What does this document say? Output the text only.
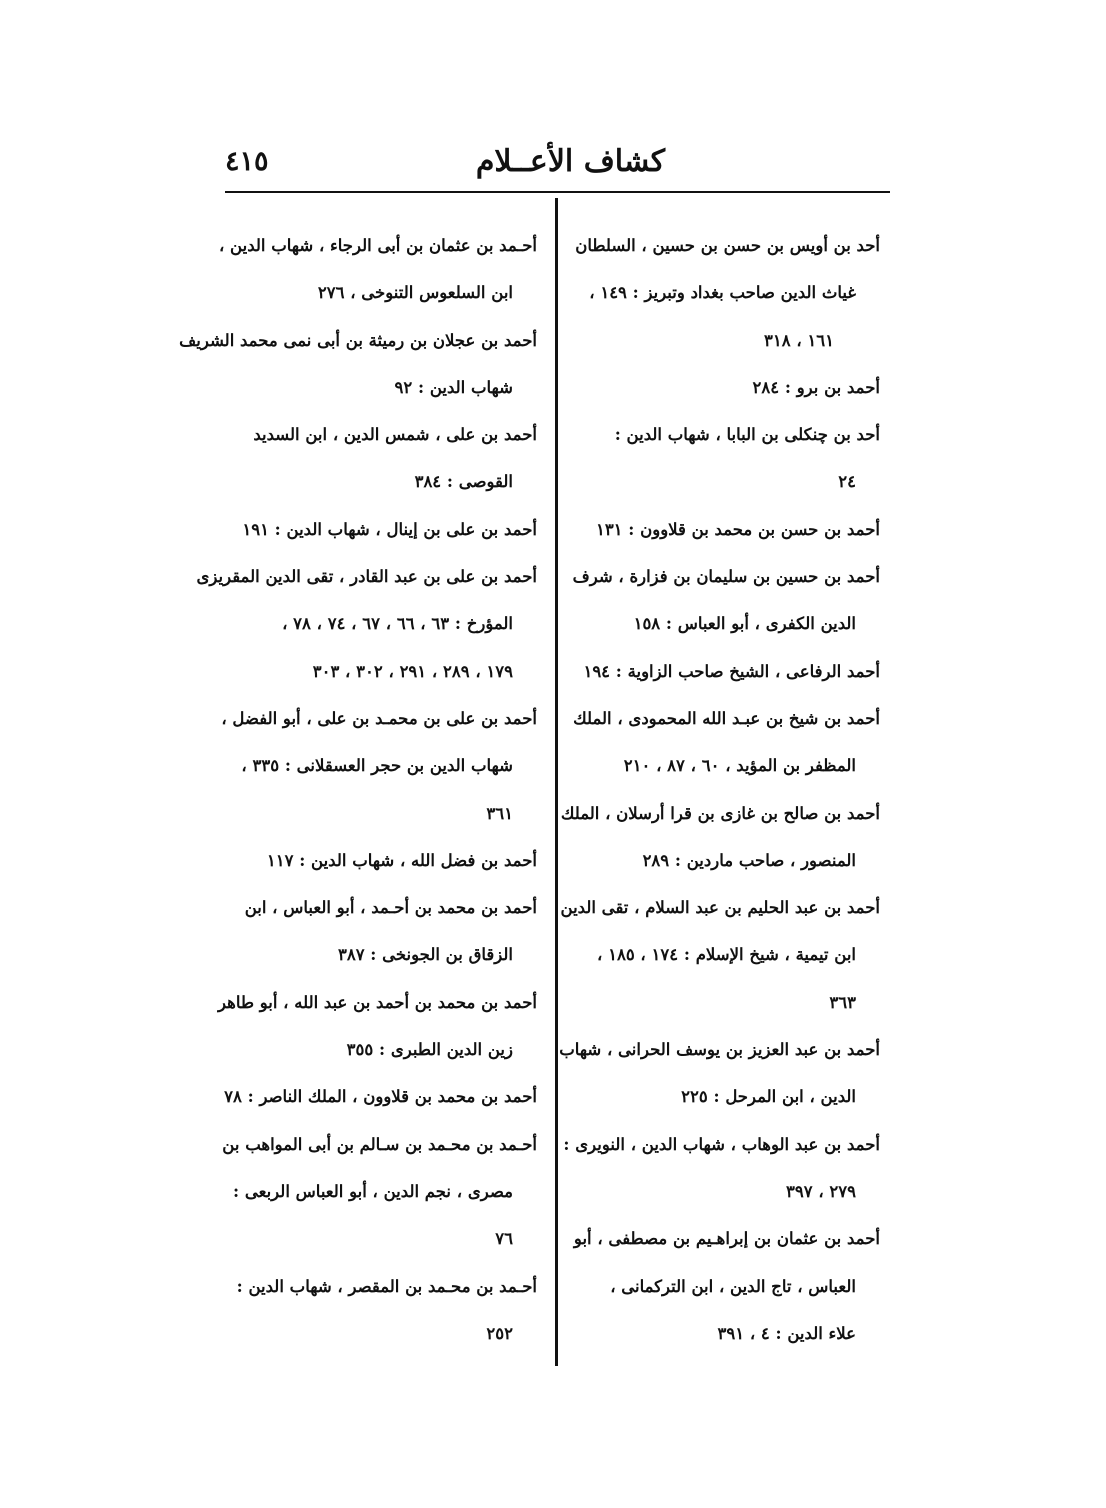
كشاف الأعــلام
٤١٥
أحد بن أويس بن حسن بن حسين ، السلطان
غياث الدين صاحب بغداد وتبريز : ١٤٩ ،
١٦١ ، ٣١٨
أحمد بن برو : ٢٨٤
أحد بن چنكلى بن البابا ، شهاب الدين :
٢٤
أحمد بن حسن بن محمد بن قلاوون : ١٣١
أحمد بن حسين بن سليمان بن فزارة ، شرف
الدين الكفرى ، أبو العباس : ١٥٨
أحمد الرفاعى ، الشيخ صاحب الزاوية : ١٩٤
أحمد بن شيخ بن عبـد الله المحمودى ، الملك
المظفر بن المؤيد ، ٦٠ ، ٨٧ ، ٢١٠
أحمد بن صالح بن غازى بن قرا أرسلان ، الملك
المنصور ، صاحب ماردين : ٢٨٩
أحمد بن عبد الحليم بن عبد السلام ، تقى الدين
ابن تيمية ، شيخ الإسلام : ١٧٤ ، ١٨٥ ،
٣٦٣
أحمد بن عبد العزيز بن يوسف الحرانى ، شهاب
الدين ، ابن المرحل : ٢٢٥
أحمد بن عبد الوهاب ، شهاب الدين ، النويرى :
٢٧٩ ، ٣٩٧
أحمد بن عثمان بن إبراهـيم بن مصطفى ، أبو
العباس ، تاج الدين ، ابن التركمانى ،
علاء الدين : ٤ ، ٣٩١
أحـمد بن عثمان بن أبى الرجاء ، شهاب الدين ،
ابن السلعوس التنوخى ، ٢٧٦
أحمد بن عجلان بن رميثة بن أبى نمى محمد الشريف
شهاب الدين : ٩٢
أحمد بن على ، شمس الدين ، ابن السديد
القوصى : ٣٨٤
أحمد بن على بن إينال ، شهاب الدين : ١٩١
أحمد بن على بن عبد القادر ، تقى الدين المقريزى
المؤرخ : ٦٣ ، ٦٦ ، ٦٧ ، ٧٤ ، ٧٨ ،
١٧٩ ، ٢٨٩ ، ٢٩١ ، ٣٠٢ ، ٣٠٣
أحمد بن على بن محمـد بن على ، أبو الفضل ،
شهاب الدين بن حجر العسقلانى : ٣٣٥ ،
٣٦١
أحمد بن فضل الله ، شهاب الدين : ١١٧
أحمد بن محمد بن أحـمد ، أبو العباس ، ابن
الزقاق بن الجونخى : ٣٨٧
أحمد بن محمد بن أحمد بن عبد الله ، أبو طاهر
زين الدين الطبرى : ٣٥٥
أحمد بن محمد بن قلاوون ، الملك الناصر : ٧٨
أحـمد بن محـمد بن سـالم بن أبى المواهب بن
مصرى ، نجم الدين ، أبو العباس الربعى :
٧٦
أحـمد بن محـمد بن المقصر ، شهاب الدين :
٢٥٢
